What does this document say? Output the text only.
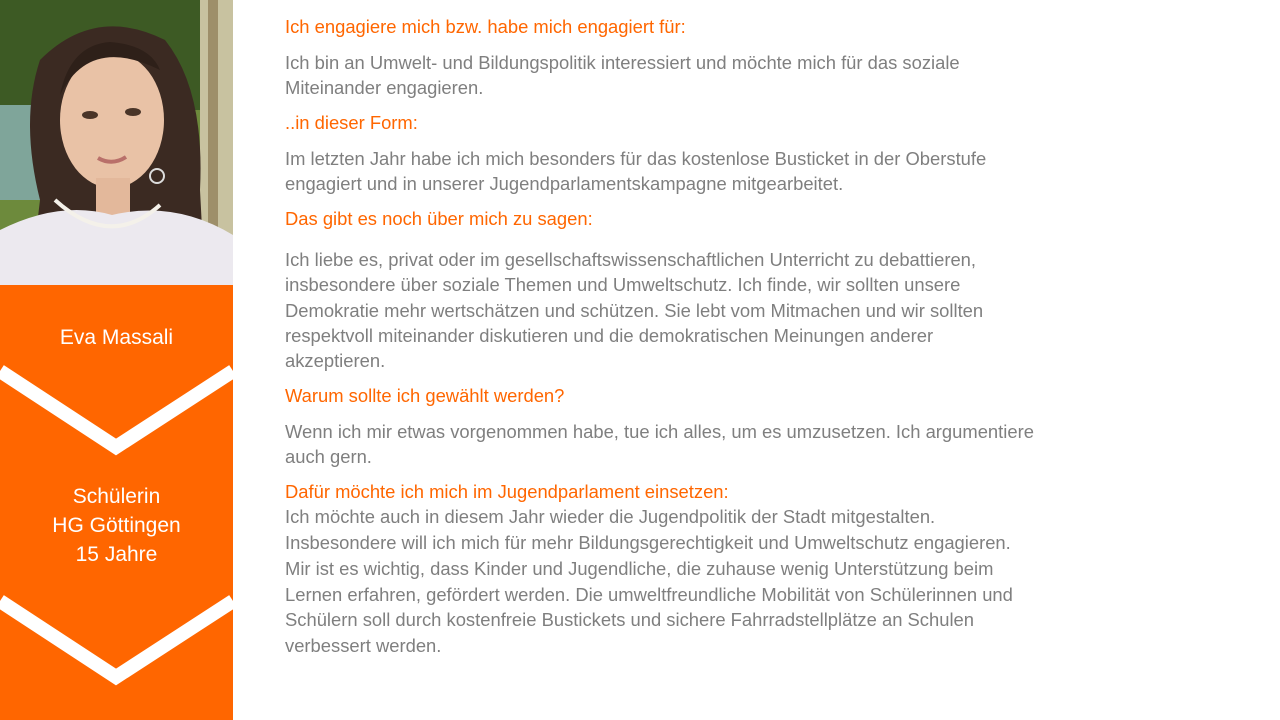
Eva Massali
Schülerin
HG Göttingen
15 Jahre
Ich engagiere mich bzw. habe mich engagiert für:
Ich bin an Umwelt- und Bildungspolitik interessiert und möchte mich für das soziale
Miteinander engagieren.
..in dieser Form:
Im letzten Jahr habe ich mich besonders für das kostenlose Busticket in der Oberstufe
engagiert und in unserer Jugendparlamentskampagne mitgearbeitet.
Das gibt es noch über mich zu sagen:
Ich liebe es, privat oder im gesellschaftswissenschaftlichen Unterricht zu debattieren,
insbesondere über soziale Themen und Umweltschutz. Ich finde, wir sollten unsere
Demokratie mehr wertschätzen und schützen. Sie lebt vom Mitmachen und wir sollten
respektvoll miteinander diskutieren und die demokratischen Meinungen anderer
akzeptieren.
Warum sollte ich gewählt werden?
Wenn ich mir etwas vorgenommen habe, tue ich alles, um es umzusetzen. Ich argumentiere
auch gern.
Dafür möchte ich mich im Jugendparlament einsetzen:
Ich möchte auch in diesem Jahr wieder die Jugendpolitik der Stadt mitgestalten.
Insbesondere will ich mich für mehr Bildungsgerechtigkeit und Umweltschutz engagieren.
Mir ist es wichtig, dass Kinder und Jugendliche, die zuhause wenig Unterstützung beim
Lernen erfahren, gefördert werden. Die umweltfreundliche Mobilität von Schülerinnen und
Schülern soll durch kostenfreie Bustickets und sichere Fahrradstellplätze an Schulen
verbessert werden.
